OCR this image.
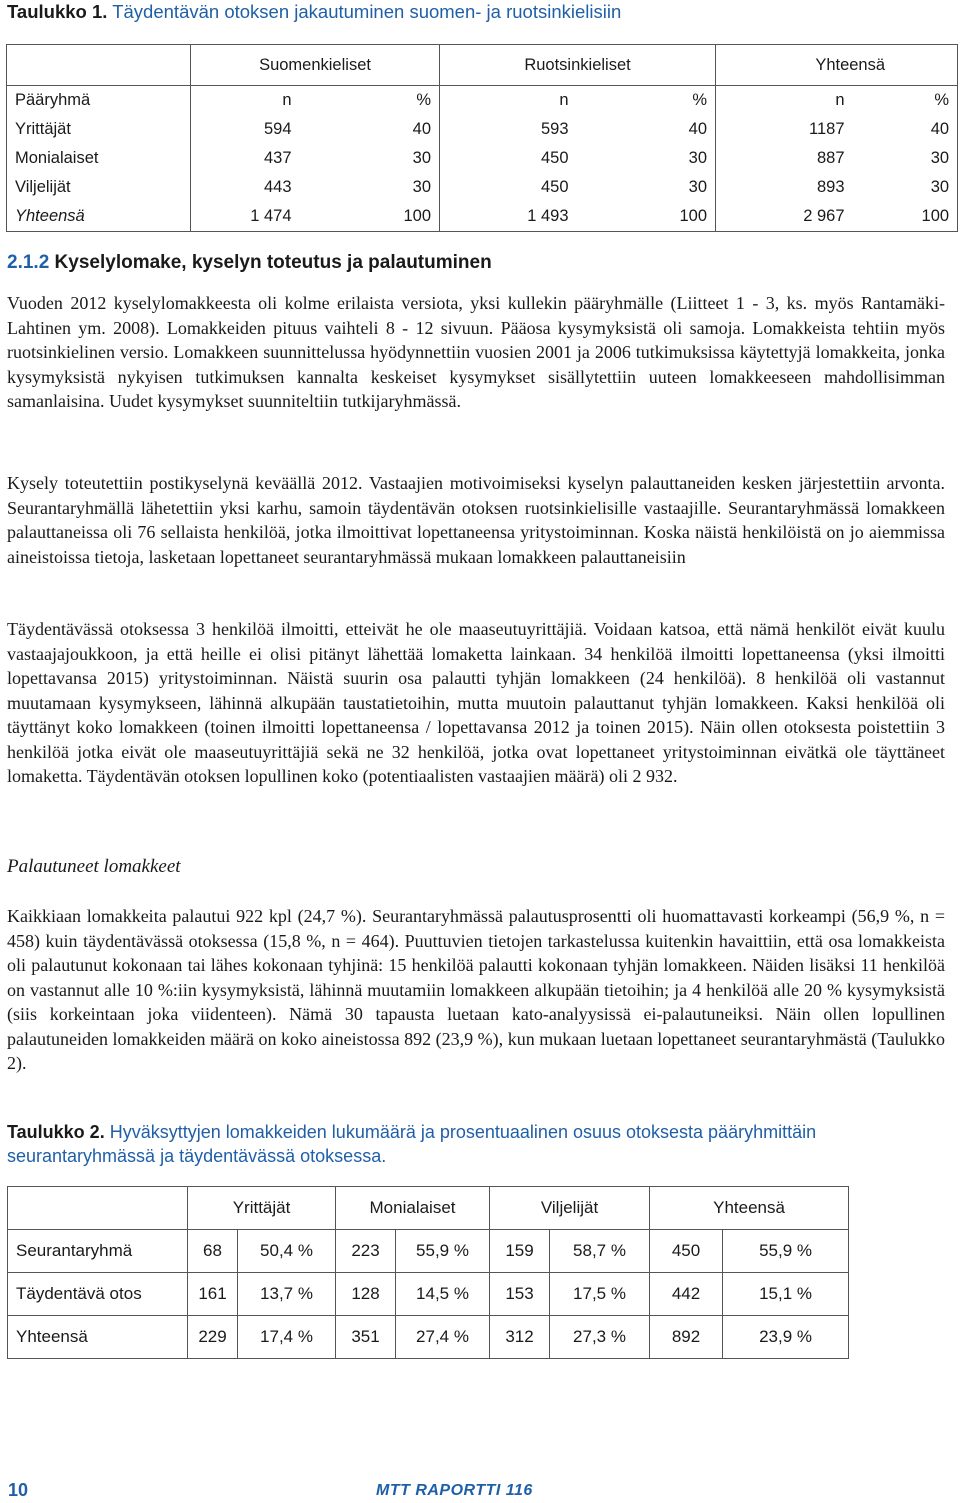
Taulukko 1. Täydentävän otoksen jakautuminen suomen- ja ruotsinkielisiin
	Suomenkieliset		Ruotsinkieliset		Yhteensä	
Pääryhmä	n	%	n	%	n	%
Yrittäjät	594	40	593	40	1187	40
Monialaiset	437	30	450	30	887	30
Viljelijät	443	30	450	30	893	30
Yhteensä	1 474	100	1 493	100	2 967	100
2.1.2 Kyselylomake, kyselyn toteutus ja palautuminen

Vuoden 2012 kyselylomakkeesta oli kolme erilaista versiota, yksi kullekin pääryhmälle (Liitteet 1 - 3, ks. myös Rantamäki-Lahtinen ym. 2008). Lomakkeiden pituus vaihteli 8 - 12 sivuun. Pääosa kysymyksistä oli samoja. Lomakkeista tehtiin myös ruotsinkielinen versio. Lomakkeen suunnittelussa hyödynnettiin vuosien 2001 ja 2006 tutkimuksissa käytettyjä lomakkeita, jonka kysymyksistä nykyisen tutkimuksen kannalta keskeiset kysymykset sisällytettiin uuteen lomakkeeseen mahdollisimman samanlaisina. Uudet kysymykset suunniteltiin tutkijaryhmässä.

Kysely toteutettiin postikyselynä keväällä 2012. Vastaajien motivoimiseksi kyselyn palauttaneiden kesken järjestettiin arvonta. Seurantaryhmällä lähetettiin yksi karhu, samoin täydentävän otoksen ruotsinkielisille vastaajille. Seurantaryhmässä lomakkeen palauttaneissa oli 76 sellaista henkilöä, jotka ilmoittivat lopettaneensa yritystoiminnan. Koska näistä henkilöistä on jo aiemmissa aineistoissa tietoja, lasketaan lopettaneet seurantaryhmässä mukaan lomakkeen palauttaneisiin

Täydentävässä otoksessa 3 henkilöä ilmoitti, etteivät he ole maaseutuyrittäjiä. Voidaan katsoa, että nämä henkilöt eivät kuulu vastaajajoukkoon, ja että heille ei olisi pitänyt lähettää lomaketta lainkaan. 34 henkilöä ilmoitti lopettaneensa (yksi ilmoitti lopettavansa 2015) yritystoiminnan. Näistä suurin osa palautti tyhjän lomakkeen (24 henkilöä). 8 henkilöä oli vastannut muutamaan kysymykseen, lähinnä alkupään taustatietoihin, mutta muutoin palauttanut tyhjän lomakkeen. Kaksi henkilöä oli täyttänyt koko lomakkeen (toinen ilmoitti lopettaneensa / lopettavansa 2012 ja toinen 2015). Näin ollen otoksesta poistettiin 3 henkilöä jotka eivät ole maaseutuyrittäjiä sekä ne 32 henkilöä, jotka ovat lopettaneet yritystoiminnan eivätkä ole täyttäneet lomaketta. Täydentävän otoksen lopullinen koko (potentiaalisten vastaajien määrä) oli 2 932.

Palautuneet lomakkeet

Kaikkiaan lomakkeita palautui 922 kpl (24,7 %). Seurantaryhmässä palautusprosentti oli huomattavasti korkeampi (56,9 %, n = 458) kuin täydentävässä otoksessa (15,8 %, n = 464). Puuttuvien tietojen tarkastelussa kuitenkin havaittiin, että osa lomakkeista oli palautunut kokonaan tai lähes kokonaan tyhjinä: 15 henkilöä palautti kokonaan tyhjän lomakkeen. Näiden lisäksi 11 henkilöä on vastannut alle 10 %:iin kysymyksistä, lähinnä muutamiin lomakkeen alkupään tietoihin; ja 4 henkilöä alle 20 % kysymyksistä (siis korkeintaan joka viidenteen). Nämä 30 tapausta luetaan kato-analyysissä ei-palautuneiksi. Näin ollen lopullinen palautuneiden lomakkeiden määrä on koko aineistossa 892 (23,9 %), kun mukaan luetaan lopettaneet seurantaryhmästä (Taulukko 2).

Taulukko 2. Hyväksyttyjen lomakkeiden lukumäärä ja prosentuaalinen osuus otoksesta pääryhmittäin seurantaryhmässä ja täydentävässä otoksessa.
	Yrittäjät		Monialaiset		Viljelijät		Yhteensä	
Seurantaryhmä	68	50,4 %	223	55,9 %	159	58,7 %	450	55,9 %
Täydentävä otos	161	13,7 %	128	14,5 %	153	17,5 %	442	15,1 %
Yhteensä	229	17,4 %	351	27,4 %	312	27,3 %	892	23,9 %
10	MTT RAPORTTI 116
